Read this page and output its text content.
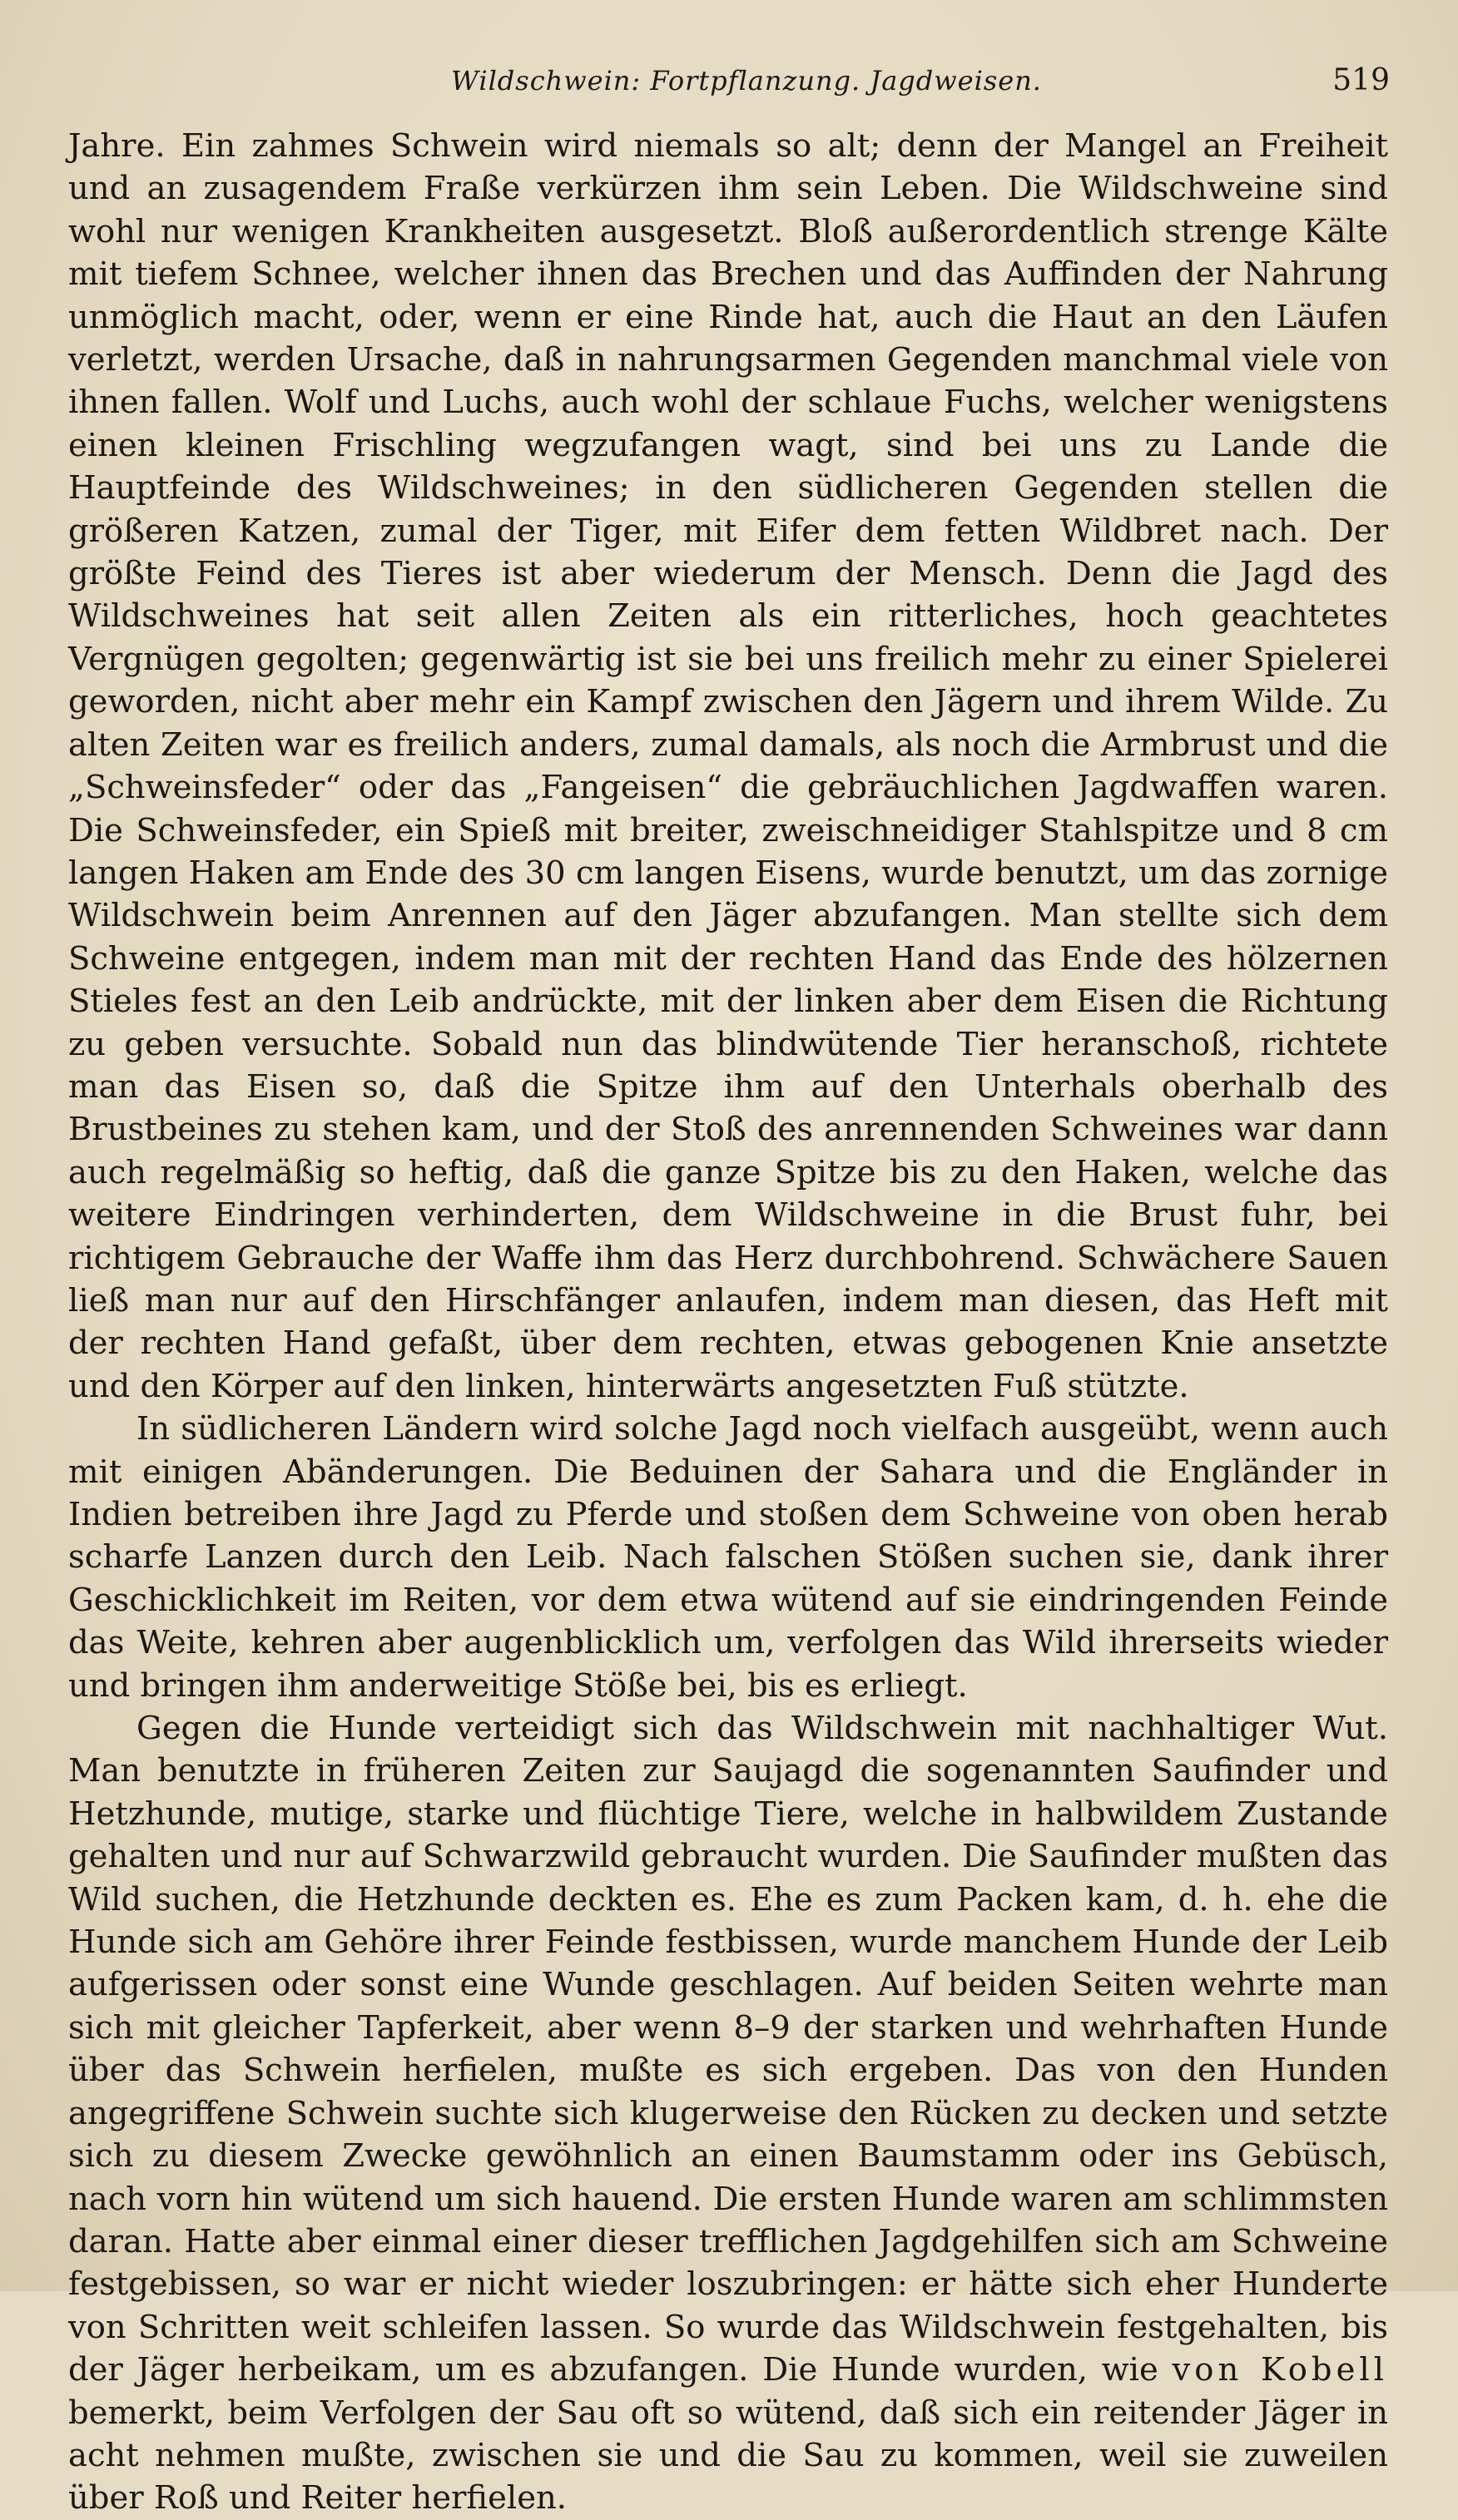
Wildschwein: Fortpflanzung. Jagdweisen.	519

Jahre. Ein zahmes Schwein wird niemals so alt; denn der Mangel an Freiheit und an zusagendem Fraße verkürzen ihm sein Leben. Die Wildschweine sind wohl nur wenigen Krankheiten ausgesetzt. Bloß außerordentlich strenge Kälte mit tiefem Schnee, welcher ihnen das Brechen und das Auffinden der Nahrung unmöglich macht, oder, wenn er eine Rinde hat, auch die Haut an den Läufen verletzt, werden Ursache, daß in nahrungsarmen Gegenden manchmal viele von ihnen fallen. Wolf und Luchs, auch wohl der schlaue Fuchs, welcher wenigstens einen kleinen Frischling wegzufangen wagt, sind bei uns zu Lande die Hauptfeinde des Wildschweines; in den südlicheren Gegenden stellen die größeren Katzen, zumal der Tiger, mit Eifer dem fetten Wildbret nach. Der größte Feind des Tieres ist aber wiederum der Mensch. Denn die Jagd des Wildschweines hat seit allen Zeiten als ein ritterliches, hoch geachtetes Vergnügen gegolten; gegenwärtig ist sie bei uns freilich mehr zu einer Spielerei geworden, nicht aber mehr ein Kampf zwischen den Jägern und ihrem Wilde. Zu alten Zeiten war es freilich anders, zumal damals, als noch die Armbrust und die „Schweinsfeder“ oder das „Fangeisen“ die gebräuchlichen Jagdwaffen waren. Die Schweinsfeder, ein Spieß mit breiter, zweischneidiger Stahlspitze und 8 cm langen Haken am Ende des 30 cm langen Eisens, wurde benutzt, um das zornige Wildschwein beim Anrennen auf den Jäger abzufangen. Man stellte sich dem Schweine entgegen, indem man mit der rechten Hand das Ende des hölzernen Stieles fest an den Leib andrückte, mit der linken aber dem Eisen die Richtung zu geben versuchte. Sobald nun das blindwütende Tier heranschoß, richtete man das Eisen so, daß die Spitze ihm auf den Unterhals oberhalb des Brustbeines zu stehen kam, und der Stoß des anrennenden Schweines war dann auch regelmäßig so heftig, daß die ganze Spitze bis zu den Haken, welche das weitere Eindringen verhinderten, dem Wildschweine in die Brust fuhr, bei richtigem Gebrauche der Waffe ihm das Herz durchbohrend. Schwächere Sauen ließ man nur auf den Hirschfänger anlaufen, indem man diesen, das Heft mit der rechten Hand gefaßt, über dem rechten, etwas gebogenen Knie ansetzte und den Körper auf den linken, hinterwärts angesetzten Fuß stützte.

In südlicheren Ländern wird solche Jagd noch vielfach ausgeübt, wenn auch mit einigen Abänderungen. Die Beduinen der Sahara und die Engländer in Indien betreiben ihre Jagd zu Pferde und stoßen dem Schweine von oben herab scharfe Lanzen durch den Leib. Nach falschen Stößen suchen sie, dank ihrer Geschicklichkeit im Reiten, vor dem etwa wütend auf sie eindringenden Feinde das Weite, kehren aber augenblicklich um, verfolgen das Wild ihrerseits wieder und bringen ihm anderweitige Stöße bei, bis es erliegt.

Gegen die Hunde verteidigt sich das Wildschwein mit nachhaltiger Wut. Man benutzte in früheren Zeiten zur Saujagd die sogenannten Saufinder und Hetzhunde, mutige, starke und flüchtige Tiere, welche in halbwildem Zustande gehalten und nur auf Schwarzwild gebraucht wurden. Die Saufinder mußten das Wild suchen, die Hetzhunde deckten es. Ehe es zum Packen kam, d. h. ehe die Hunde sich am Gehöre ihrer Feinde festbissen, wurde manchem Hunde der Leib aufgerissen oder sonst eine Wunde geschlagen. Auf beiden Seiten wehrte man sich mit gleicher Tapferkeit, aber wenn 8–9 der starken und wehrhaften Hunde über das Schwein herfielen, mußte es sich ergeben. Das von den Hunden angegriffene Schwein suchte sich klugerweise den Rücken zu decken und setzte sich zu diesem Zwecke gewöhnlich an einen Baumstamm oder ins Gebüsch, nach vorn hin wütend um sich hauend. Die ersten Hunde waren am schlimmsten daran. Hatte aber einmal einer dieser trefflichen Jagdgehilfen sich am Schweine festgebissen, so war er nicht wieder loszubringen: er hätte sich eher Hunderte von Schritten weit schleifen lassen. So wurde das Wildschwein festgehalten, bis der Jäger herbeikam, um es abzufangen. Die Hunde wurden, wie von Kobell bemerkt, beim Verfolgen der Sau oft so wütend, daß sich ein reitender Jäger in acht nehmen mußte, zwischen sie und die Sau zu kommen, weil sie zuweilen über Roß und Reiter herfielen.
